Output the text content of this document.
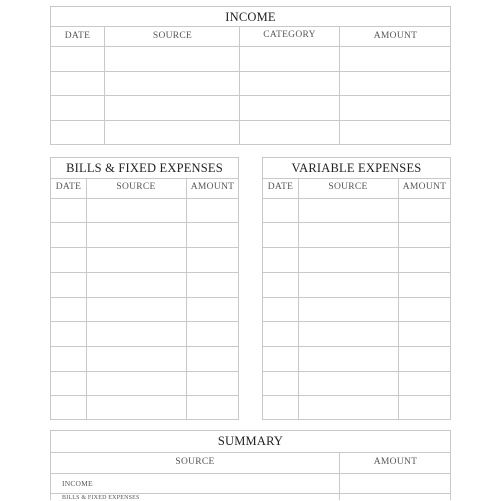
INCOME
DATE	SOURCE	CATEGORY	AMOUNT
BILLS & FIXED EXPENSES
DATE	SOURCE	AMOUNT
VARIABLE EXPENSES
DATE	SOURCE	AMOUNT
SUMMARY
SOURCE	AMOUNT
INCOME
BILLS & FIXED EXPENSES
